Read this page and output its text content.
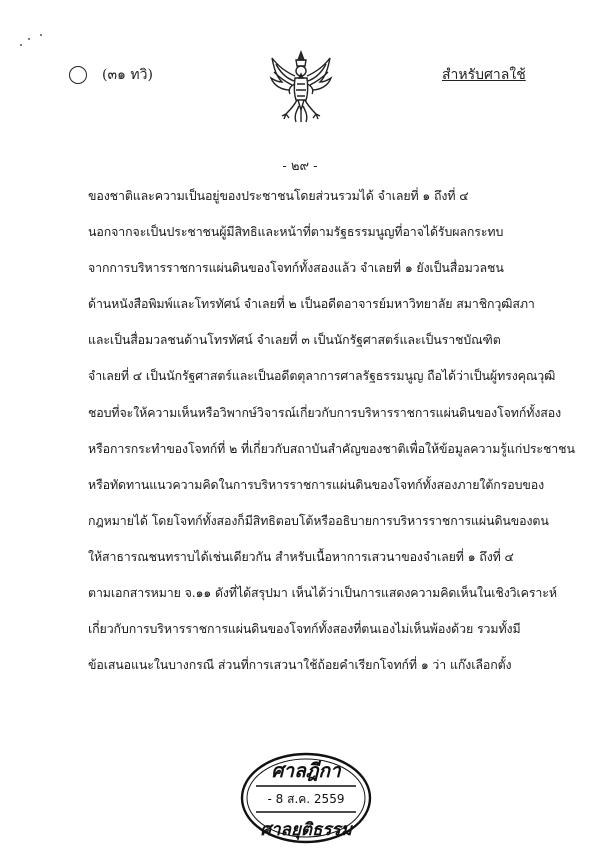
(๓๑ ทวิ)	สำหรับศาลใช้
- ๒๙ -
ของชาติและความเป็นอยู่ของประชาชนโดยส่วนรวมได้ จำเลยที่ ๑ ถึงที่ ๔
นอกจากจะเป็นประชาชนผู้มีสิทธิและหน้าที่ตามรัฐธรรมนูญที่อาจได้รับผลกระทบ
จากการบริหารราชการแผ่นดินของโจทก์ทั้งสองแล้ว จำเลยที่ ๑ ยังเป็นสื่อมวลชน
ด้านหนังสือพิมพ์และโทรทัศน์ จำเลยที่ ๒ เป็นอดีตอาจารย์มหาวิทยาลัย สมาชิกวุฒิสภา
และเป็นสื่อมวลชนด้านโทรทัศน์ จำเลยที่ ๓ เป็นนักรัฐศาสตร์และเป็นราชบัณฑิต
จำเลยที่ ๔ เป็นนักรัฐศาสตร์และเป็นอดีตตุลาการศาลรัฐธรรมนูญ ถือได้ว่าเป็นผู้ทรงคุณวุฒิ
ชอบที่จะให้ความเห็นหรือวิพากษ์วิจารณ์เกี่ยวกับการบริหารราชการแผ่นดินของโจทก์ทั้งสอง
หรือการกระทำของโจทก์ที่ ๒ ที่เกี่ยวกับสถาบันสำคัญของชาติเพื่อให้ข้อมูลความรู้แก่ประชาชน
หรือทัดทานแนวความคิดในการบริหารราชการแผ่นดินของโจทก์ทั้งสองภายใต้กรอบของ
กฎหมายได้ โดยโจทก์ทั้งสองก็มีสิทธิตอบโต้หรืออธิบายการบริหารราชการแผ่นดินของตน
ให้สาธารณชนทราบได้เช่นเดียวกัน สำหรับเนื้อหาการเสวนาของจำเลยที่ ๑ ถึงที่ ๔
ตามเอกสารหมาย จ.๑๑ ดังที่ได้สรุปมา เห็นได้ว่าเป็นการแสดงความคิดเห็นในเชิงวิเคราะห์
เกี่ยวกับการบริหารราชการแผ่นดินของโจทก์ทั้งสองที่ตนเองไม่เห็นพ้องด้วย รวมทั้งมี
ข้อเสนอแนะในบางกรณี ส่วนที่การเสวนาใช้ถ้อยคำเรียกโจทก์ที่ ๑ ว่า แก๊งเลือกตั้ง
ศาลฎีกา
- 8 ส.ค. 2559
ศาลยุติธรรม
